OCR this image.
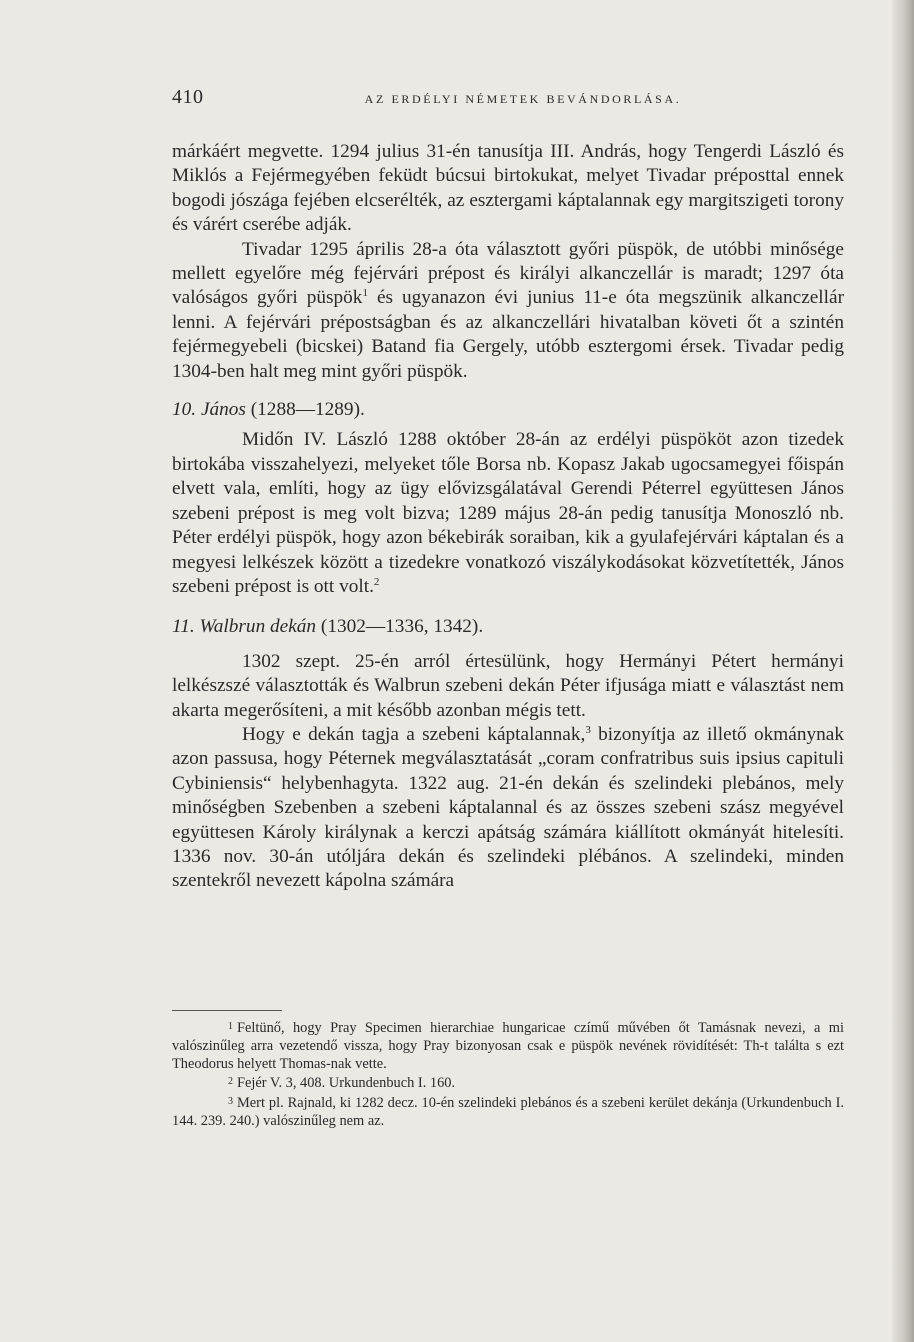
410	AZ ERDÉLYI NÉMETEK BEVÁNDORLÁSA.

márkáért megvette. 1294 julius 31-én tanusítja III. András, hogy Tengerdi László és Miklós a Fejérmegyében feküdt búcsui birtokukat, melyet Tivadar préposttal ennek bogodi jószága fejében elcserélték, az esztergami káptalannak egy margitszigeti torony és várért cserébe adják.

Tivadar 1295 április 28-a óta választott győri püspök, de utóbbi minősége mellett egyelőre még fejérvári prépost és királyi alkanczellár is maradt; 1297 óta valóságos győri püspök$^1$ és ugyanazon évi junius 11-e óta megszünik alkanczellár lenni. A fejérvári prépostságban és az alkanczellári hivatalban követi őt a szintén fejérmegyebeli (bicskei) Batand fia Gergely, utóbb esztergomi érsek. Tivadar pedig 1304-ben halt meg mint győri püspök.

10. János (1288—1289).

Midőn IV. László 1288 október 28-án az erdélyi püspököt azon tizedek birtokába visszahelyezi, melyeket tőle Borsa nb. Kopasz Jakab ugocsamegyei főispán elvett vala, említi, hogy az ügy elővizsgálatával Gerendi Péterrel együttesen János szebeni prépost is meg volt bizva; 1289 május 28-án pedig tanusítja Monoszló nb. Péter erdélyi püspök, hogy azon békebirák soraiban, kik a gyulafejérvári káptalan és a megyesi lelkészek között a tizedekre vonatkozó viszálykodásokat közvetítették, János szebeni prépost is ott volt.$^2$

11. Walbrun dekán (1302—1336, 1342).

1302 szept. 25-én arról értesülünk, hogy Hermányi Pétert hermányi lelkészszé választották és Walbrun szebeni dekán Péter ifjusága miatt e választást nem akarta megerősíteni, a mit később azonban mégis tett.

Hogy e dekán tagja a szebeni káptalannak,$^3$ bizonyítja az illető okmánynak azon passusa, hogy Péternek megválasztatását „coram confratribus suis ipsius capituli Cybiniensis“ helybenhagyta. 1322 aug. 21-én dekán és szelindeki plebános, mely minőségben Szebenben a szebeni káptalannal és az összes szebeni szász megyével együttesen Károly királynak a kerczi apátság számára kiállított okmányát hitelesíti. 1336 nov. 30-án utóljára dekán és szelindeki plébános. A szelindeki, minden szentekről nevezett kápolna számára

$^1$ Feltünő, hogy Pray Specimen hierarchiae hungaricae czímű művében őt Tamásnak nevezi, a mi valószinűleg arra vezetendő vissza, hogy Pray bizonyosan csak e püspök nevének rövidítését: Th-t találta s ezt Theodorus helyett Thomas-nak vette.

$^2$ Fejér V. 3, 408. Urkundenbuch I. 160.

$^3$ Mert pl. Rajnald, ki 1282 decz. 10-én szelindeki plebános és a szebeni kerület dekánja (Urkundenbuch I. 144. 239. 240.) valószinűleg nem az.
